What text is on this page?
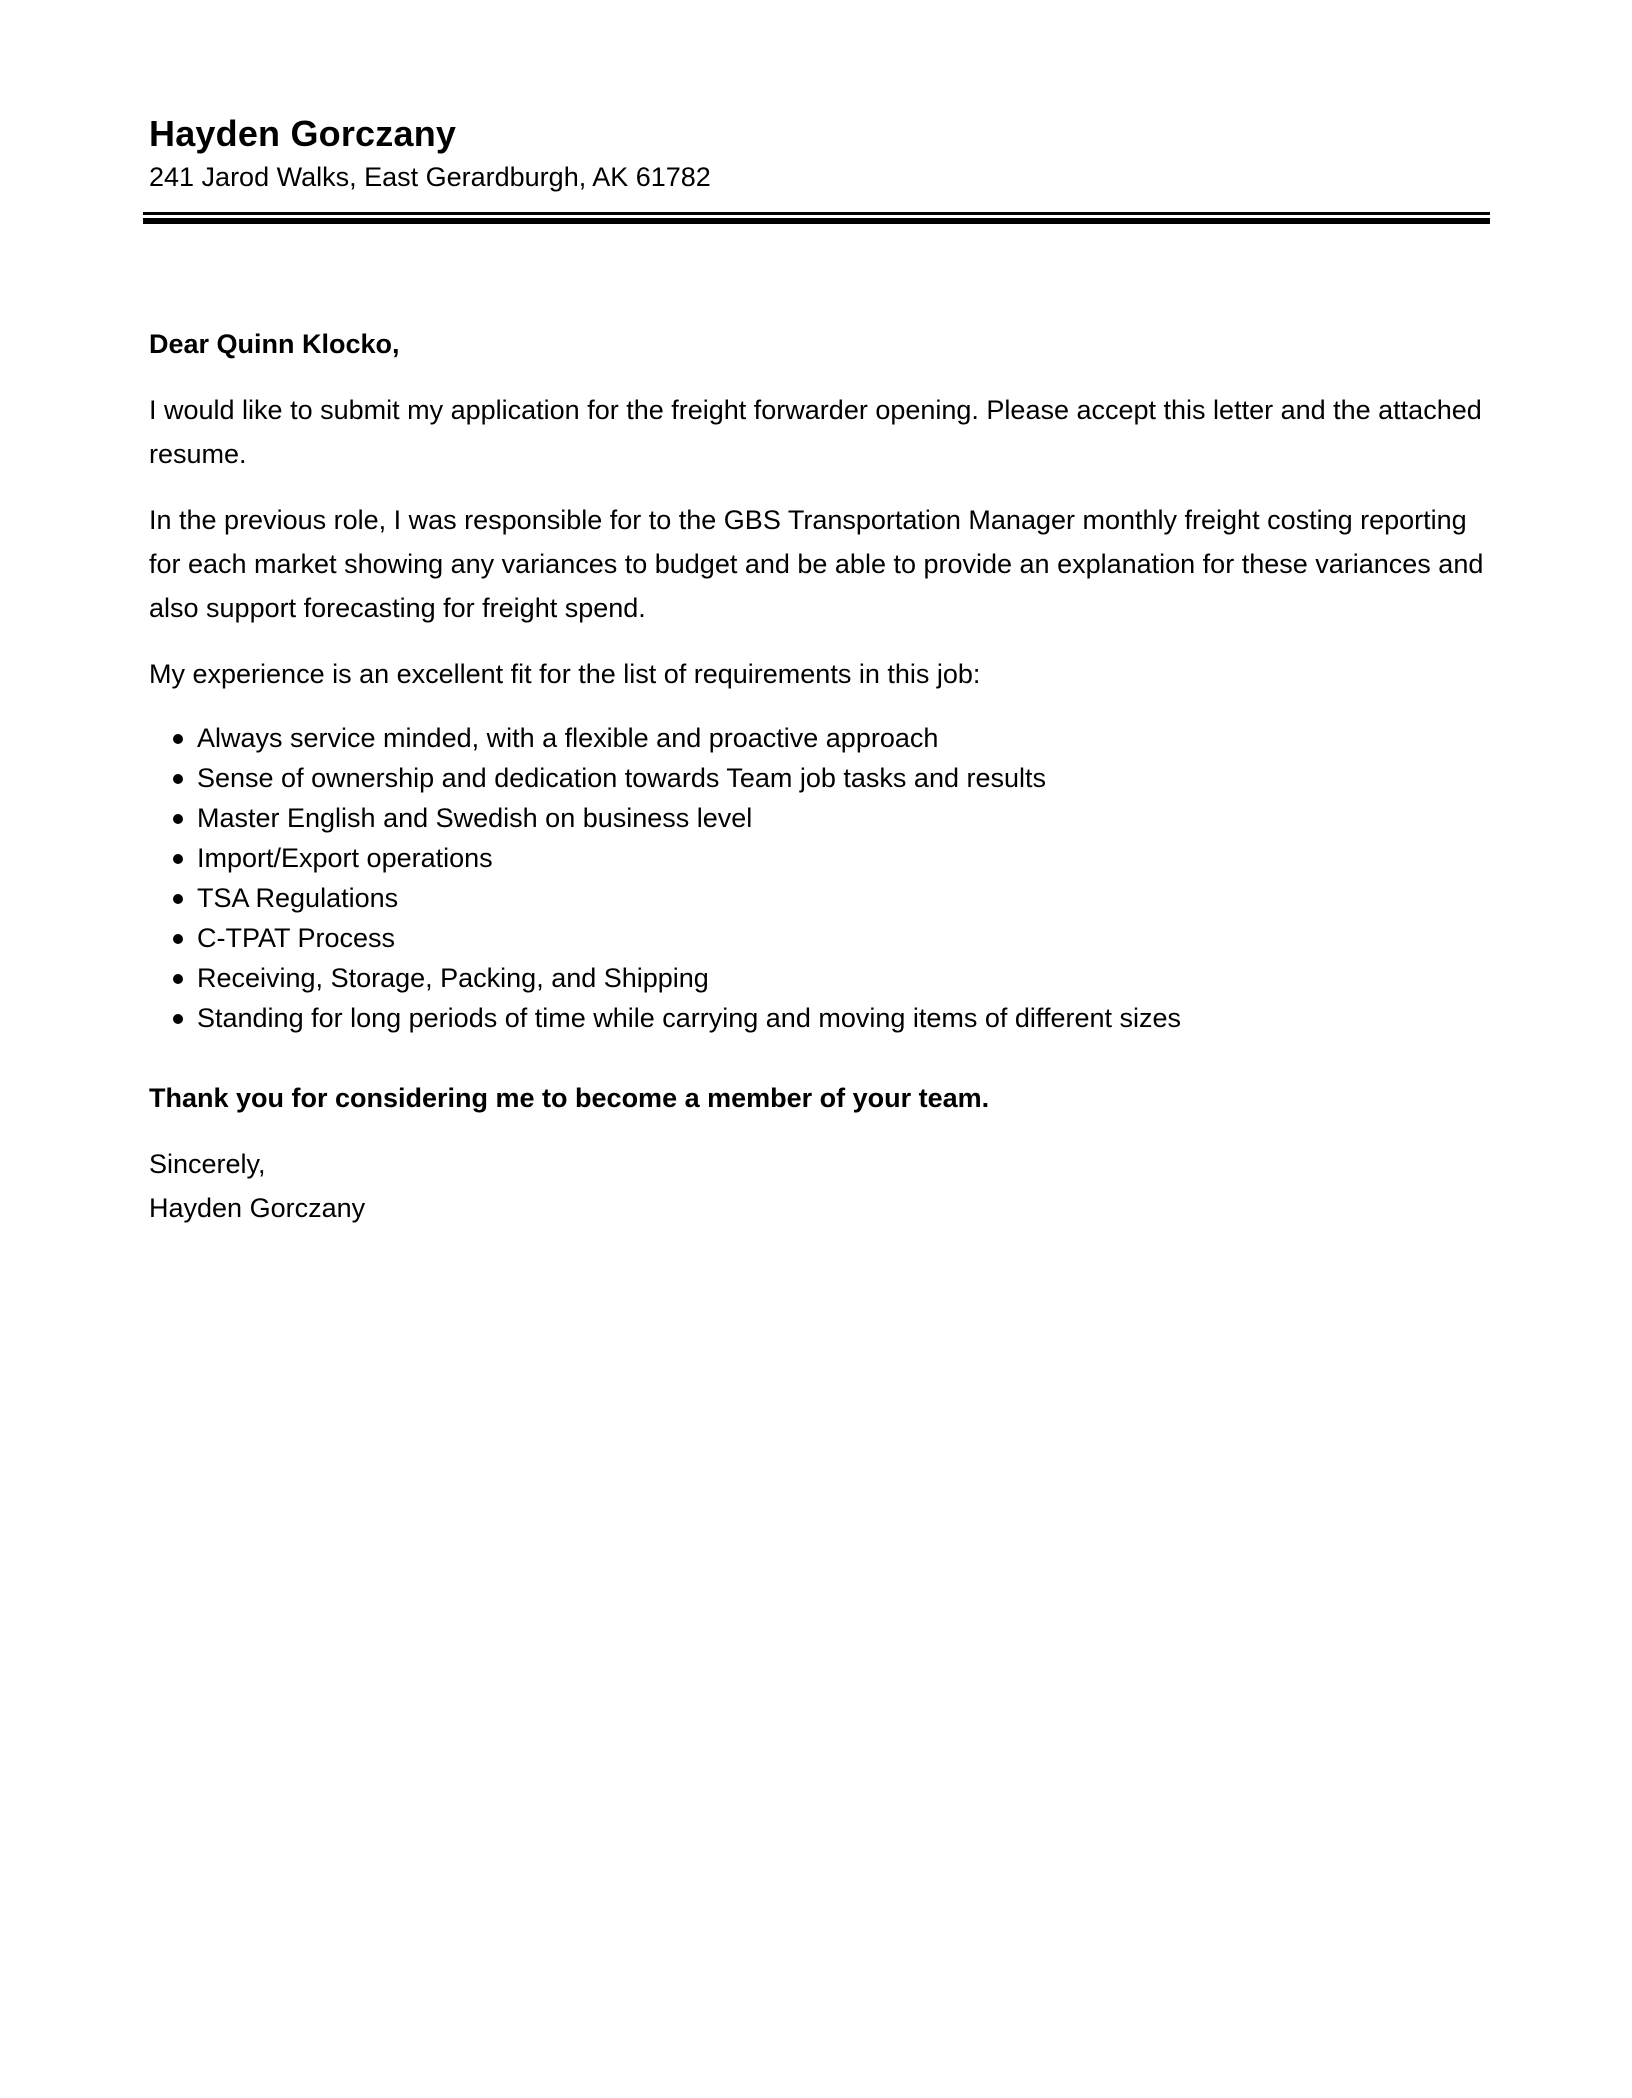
Hayden Gorczany
241 Jarod Walks, East Gerardburgh, AK 61782
Dear Quinn Klocko,

I would like to submit my application for the freight forwarder opening. Please accept this letter and the attached resume.

In the previous role, I was responsible for to the GBS Transportation Manager monthly freight costing reporting for each market showing any variances to budget and be able to provide an explanation for these variances and also support forecasting for freight spend.

My experience is an excellent fit for the list of requirements in this job:

Always service minded, with a flexible and proactive approach
Sense of ownership and dedication towards Team job tasks and results
Master English and Swedish on business level
Import/Export operations
TSA Regulations
C-TPAT Process
Receiving, Storage, Packing, and Shipping
Standing for long periods of time while carrying and moving items of different sizes
Thank you for considering me to become a member of your team.
Sincerely,
Hayden Gorczany
